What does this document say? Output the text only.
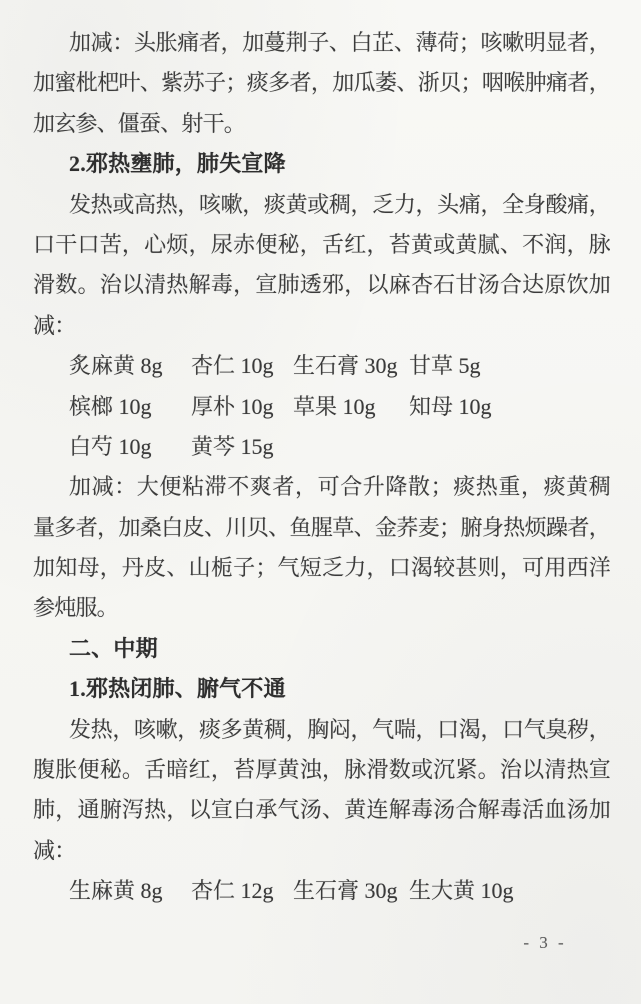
加减：头胀痛者，加蔓荆子、白芷、薄荷；咳嗽明显者，
加蜜枇杷叶、紫苏子；痰多者，加瓜萎、浙贝；咽喉肿痛者，
加玄参、僵蚕、射干。
2.邪热壅肺，肺失宣降
发热或高热，咳嗽，痰黄或稠，乏力，头痛，全身酸痛，
口干口苦，心烦，尿赤便秘，舌红，苔黄或黄腻、不润，脉
滑数。治以清热解毒，宣肺透邪，以麻杏石甘汤合达原饮加
减：
炙麻黄 8g	杏仁 10g 生石膏 30g 甘草 5g
槟榔 10g	厚朴 10g 草果 10g	知母 10g
白芍 10g	黄芩 15g
加减：大便粘滞不爽者，可合升降散；痰热重，痰黄稠
量多者，加桑白皮、川贝、鱼腥草、金荞麦；腑身热烦躁者，
加知母，丹皮、山栀子；气短乏力，口渴较甚则，可用西洋
参炖服。
二、中期
1.邪热闭肺、腑气不通
发热，咳嗽，痰多黄稠，胸闷，气喘，口渴，口气臭秽，
腹胀便秘。舌暗红，苔厚黄浊，脉滑数或沉紧。治以清热宣
肺，通腑泻热，以宣白承气汤、黄连解毒汤合解毒活血汤加
减：
生麻黄 8g	杏仁 12g 生石膏 30g 生大黄 10g
- 3 -
